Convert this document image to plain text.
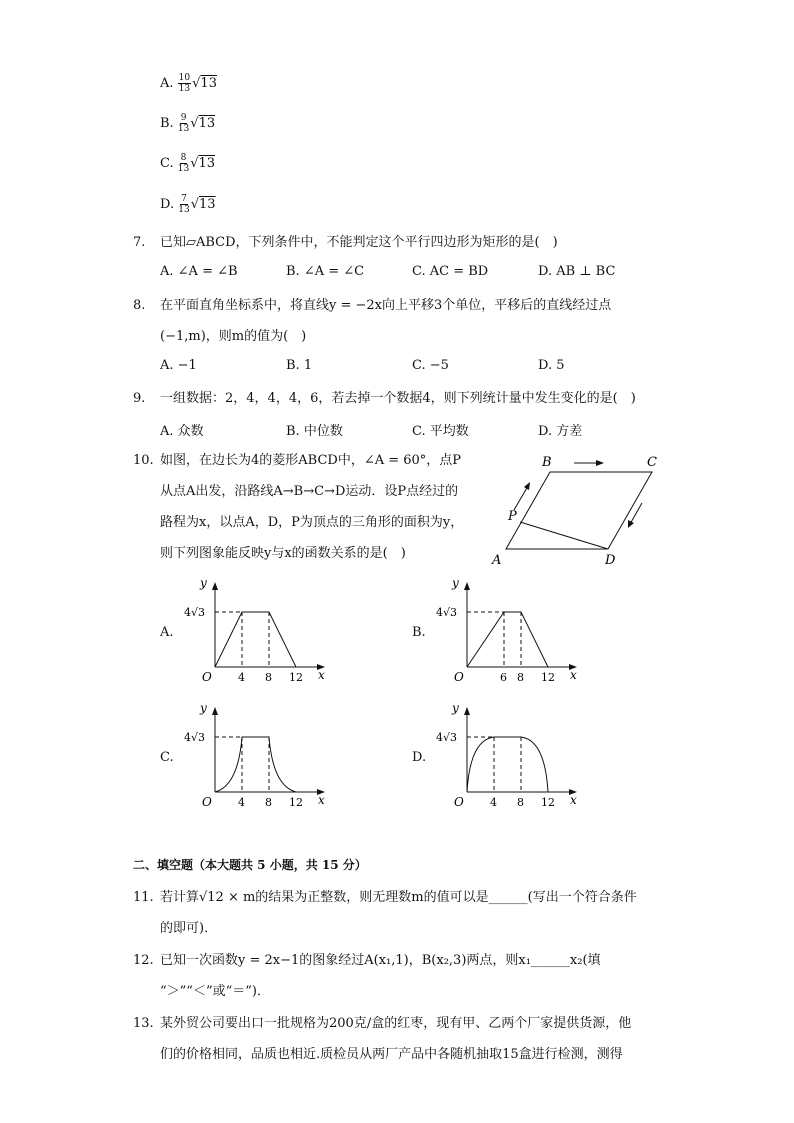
A. $\frac{10}{13} √13$
B. $\frac{9}{13} √13$
C. $\frac{8}{13} √13$
D. $\frac{7}{13} √13$
7. 已知▱ABCD，下列条件中，不能判定这个平行四边形为矩形的是(　)
A. ∠A = ∠B	B. ∠A = ∠C	C. AC = BD	D. AB ⊥ BC
8. 在平面直角坐标系中，将直线y = −2x向上平移3个单位，平移后的直线经过点
(−1,m)，则m的值为(　)
A. −1	B. 1	C. −5	D. 5
9. 一组数据：2，4，4，4，6，若去掉一个数据4，则下列统计量中发生变化的是(　)
A. 众数	B. 中位数	C. 平均数	D. 方差
10. 如图，在边长为4的菱形ABCD中，∠A = 60°，点P
从点A出发，沿路线A→B→C→D运动．设P点经过的
路程为x，以点A，D，P为顶点的三角形的面积为y，
则下列图象能反映y与x的函数关系的是(　)	A
B	C
D
P
A.	B.
C.	D.
y
x
O
4√3
4 8 12
y
x
O
4√3
6 8 12
y
x
O
4√3
4 8 12
y
x
O
4√3
4 8 12
二、填空题（本大题共 5 小题，共 15 分）
11. 若计算√12 × m的结果为正整数，则无理数m的值可以是______(写出一个符合条件
的即可)．
12. 已知一次函数y = 2x−1的图象经过A(x₁,1)，B(x₂,3)两点，则x₁______x₂(填
“＞”“＜”或“＝”)．
13. 某外贸公司要出口一批规格为200克/盒的红枣，现有甲、乙两个厂家提供货源，他
们的价格相同，品质也相近.质检员从两厂产品中各随机抽取15盒进行检测，测得
